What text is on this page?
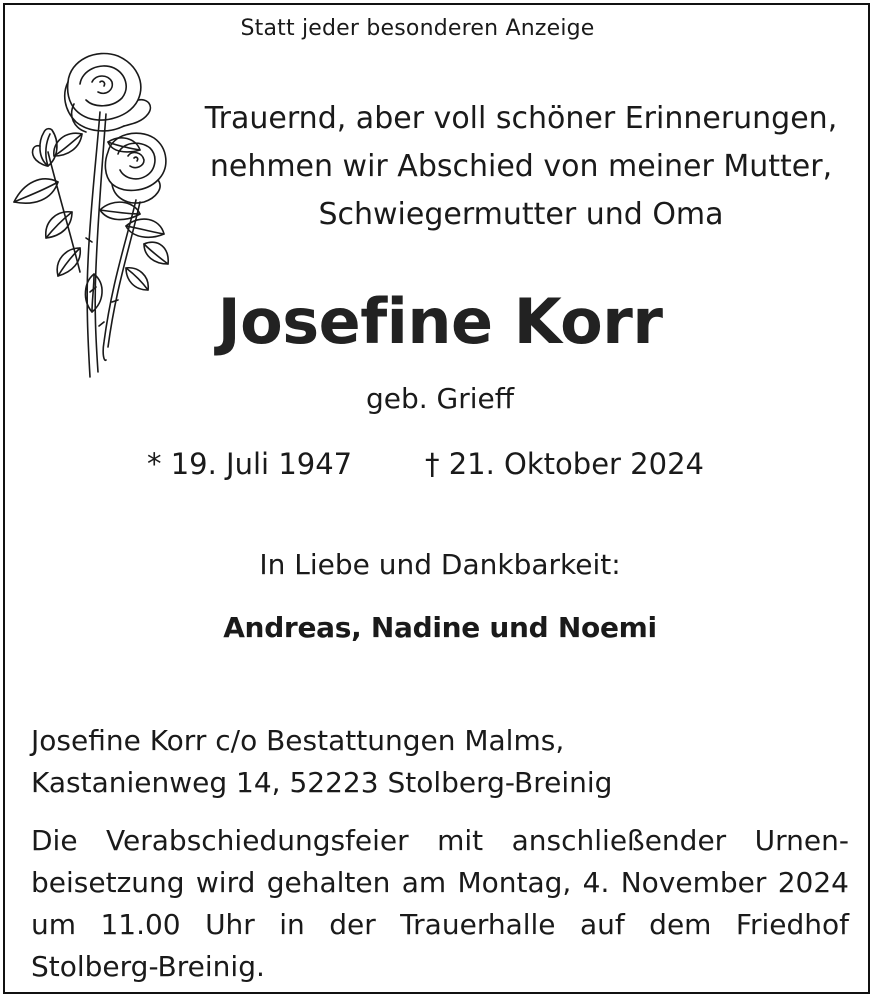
Statt jeder besonderen Anzeige

Trauernd, aber voll schöner Erinnerungen,
nehmen wir Abschied von meiner Mutter,
Schwiegermutter und Oma
Josefine Korr

geb. Grieff

* 19. Juli 1947	† 21. Oktober 2024

In Liebe und Dankbarkeit:

Andreas, Nadine und Noemi

Josefine Korr c/o Bestattungen Malms,
Kastanienweg 14, 52223 Stolberg-Breinig
Die Verabschiedungsfeier mit anschließender Urnen-
beisetzung wird gehalten am Montag, 4. November 2024
um 11.00 Uhr in der Trauerhalle auf dem Friedhof
Stolberg-Breinig.
